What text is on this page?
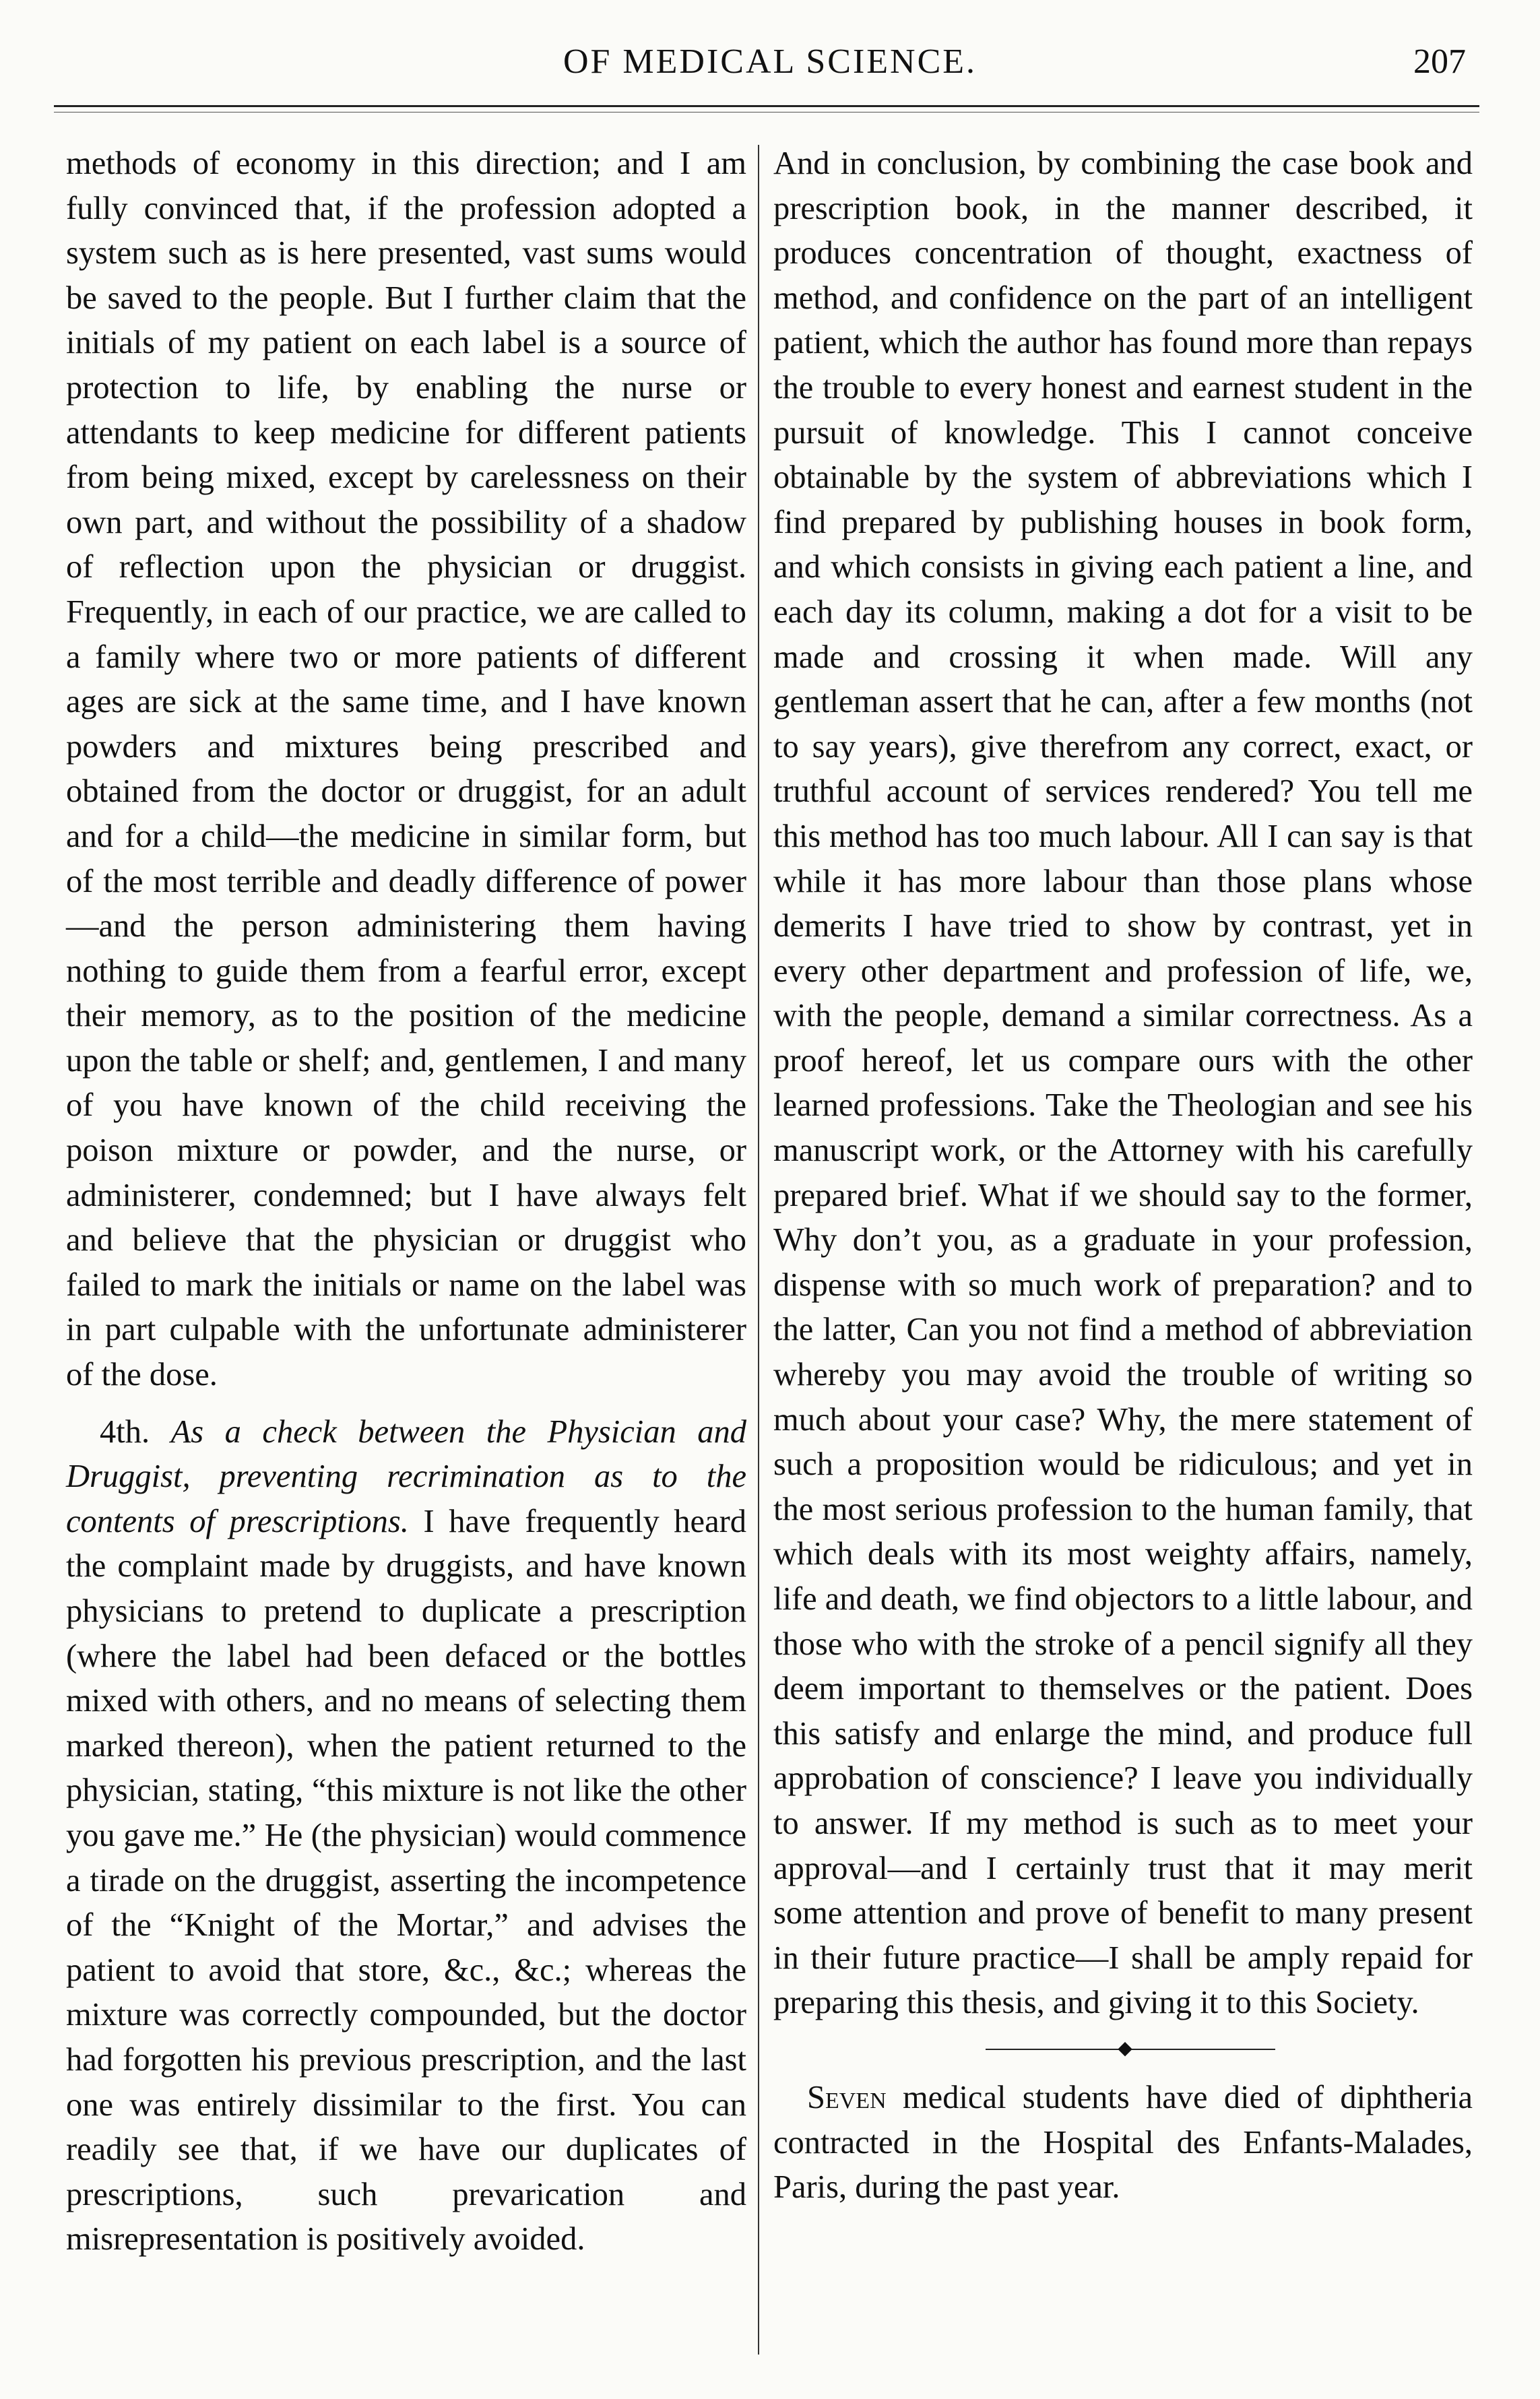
OF MEDICAL SCIENCE.	207

methods of economy in this direction; and I am fully convinced that, if the profession adopted a system such as is here presented, vast sums would be saved to the people. But I further claim that the initials of my patient on each label is a source of protection to life, by enabling the nurse or attendants to keep medicine for different patients from being mixed, except by carelessness on their own part, and without the possibility of a shadow of reflection upon the physician or druggist. Frequently, in each of our practice, we are called to a family where two or more patients of different ages are sick at the same time, and I have known powders and mixtures being prescribed and obtained from the doctor or druggist, for an adult and for a child—the medicine in similar form, but of the most terrible and deadly difference of power—and the person administering them having nothing to guide them from a fearful error, except their memory, as to the position of the medicine upon the table or shelf; and, gentlemen, I and many of you have known of the child receiving the poison mixture or powder, and the nurse, or administerer, condemned; but I have always felt and believe that the physician or druggist who failed to mark the initials or name on the label was in part culpable with the unfortunate administerer of the dose.

4th. As a check between the Physician and Druggist, preventing recrimination as to the contents of prescriptions. I have frequently heard the complaint made by druggists, and have known physicians to pretend to duplicate a prescription (where the label had been defaced or the bottles mixed with others, and no means of selecting them marked thereon), when the patient returned to the physician, stating, “this mixture is not like the other you gave me.” He (the physician) would commence a tirade on the druggist, asserting the incompetence of the “Knight of the Mortar,” and advises the patient to avoid that store, &c., &c.; whereas the mixture was correctly compounded, but the doctor had forgotten his previous prescription, and the last one was entirely dissimilar to the first. You can readily see that, if we have our duplicates of prescriptions, such prevarication and misrepresentation is positively avoided.

And in conclusion, by combining the case book and prescription book, in the manner described, it produces concentration of thought, exactness of method, and confidence on the part of an intelligent patient, which the author has found more than repays the trouble to every honest and earnest student in the pursuit of knowledge. This I cannot conceive obtainable by the system of abbreviations which I find prepared by publishing houses in book form, and which consists in giving each patient a line, and each day its column, making a dot for a visit to be made and crossing it when made. Will any gentleman assert that he can, after a few months (not to say years), give therefrom any correct, exact, or truthful account of services rendered? You tell me this method has too much labour. All I can say is that while it has more labour than those plans whose demerits I have tried to show by contrast, yet in every other department and profession of life, we, with the people, demand a similar correctness. As a proof hereof, let us compare ours with the other learned professions. Take the Theologian and see his manuscript work, or the Attorney with his carefully prepared brief. What if we should say to the former, Why don’t you, as a graduate in your profession, dispense with so much work of preparation? and to the latter, Can you not find a method of abbreviation whereby you may avoid the trouble of writing so much about your case? Why, the mere statement of such a proposition would be ridiculous; and yet in the most serious profession to the human family, that which deals with its most weighty affairs, namely, life and death, we find objectors to a little labour, and those who with the stroke of a pencil signify all they deem important to themselves or the patient. Does this satisfy and enlarge the mind, and produce full approbation of conscience? I leave you individually to answer. If my method is such as to meet your approval—and I certainly trust that it may merit some attention and prove of benefit to many present in their future practice—I shall be amply repaid for preparing this thesis, and giving it to this Society.

◆

Seven medical students have died of diphtheria contracted in the Hospital des Enfants-Malades, Paris, during the past year.
